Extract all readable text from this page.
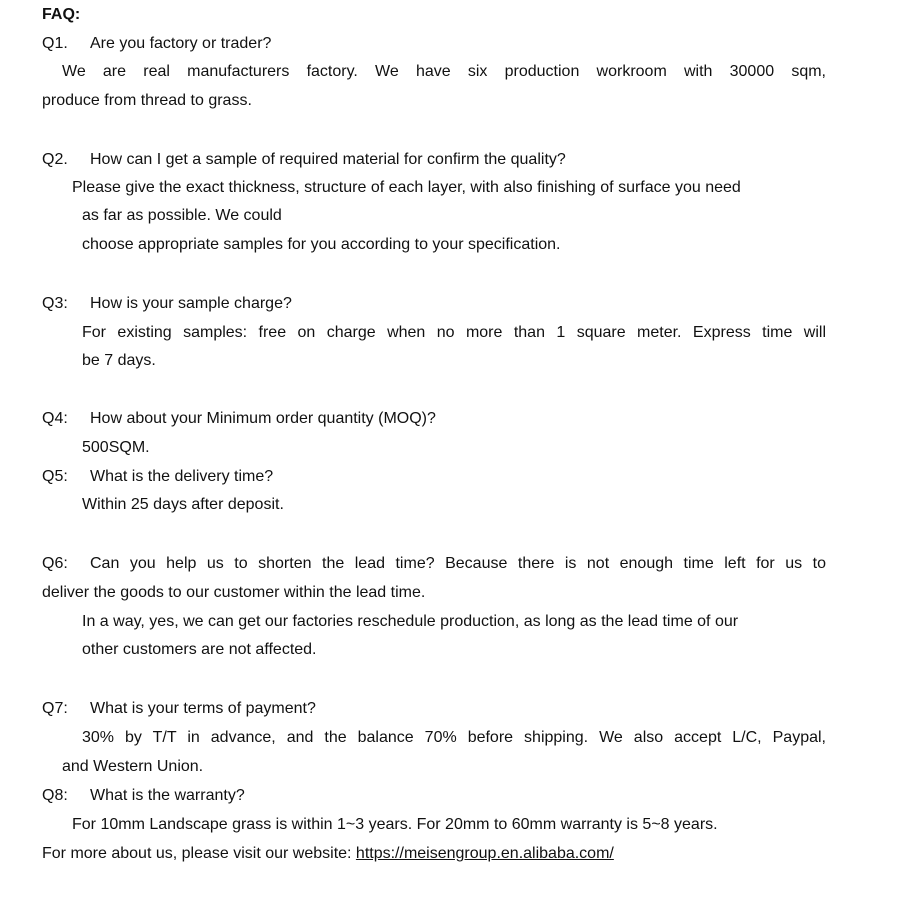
FAQ:
Q1. Are you factory or trader?
We are real manufacturers factory. We have six production workroom with 30000 sqm,
produce from thread to grass.
Q2. How can I get a sample of required material for confirm the quality?
Please give the exact thickness, structure of each layer, with also finishing of surface you need
as far as possible. We could
choose appropriate samples for you according to your specification.
Q3: How is your sample charge?
For existing samples: free on charge when no more than 1 square meter. Express time will
be 7 days.
Q4: How about your Minimum order quantity (MOQ)?
500SQM.
Q5: What is the delivery time?
Within 25 days after deposit.
Q6: Can you help us to shorten the lead time? Because there is not enough time left for us to
deliver the goods to our customer within the lead time.
In a way, yes, we can get our factories reschedule production, as long as the lead time of our
other customers are not affected.
Q7: What is your terms of payment?
30% by T/T in advance, and the balance 70% before shipping. We also accept L/C, Paypal,
and Western Union.
Q8: What is the warranty?
For 10mm Landscape grass is within 1~3 years. For 20mm to 60mm warranty is 5~8 years.
For more about us, please visit our website: https://meisengroup.en.alibaba.com/
